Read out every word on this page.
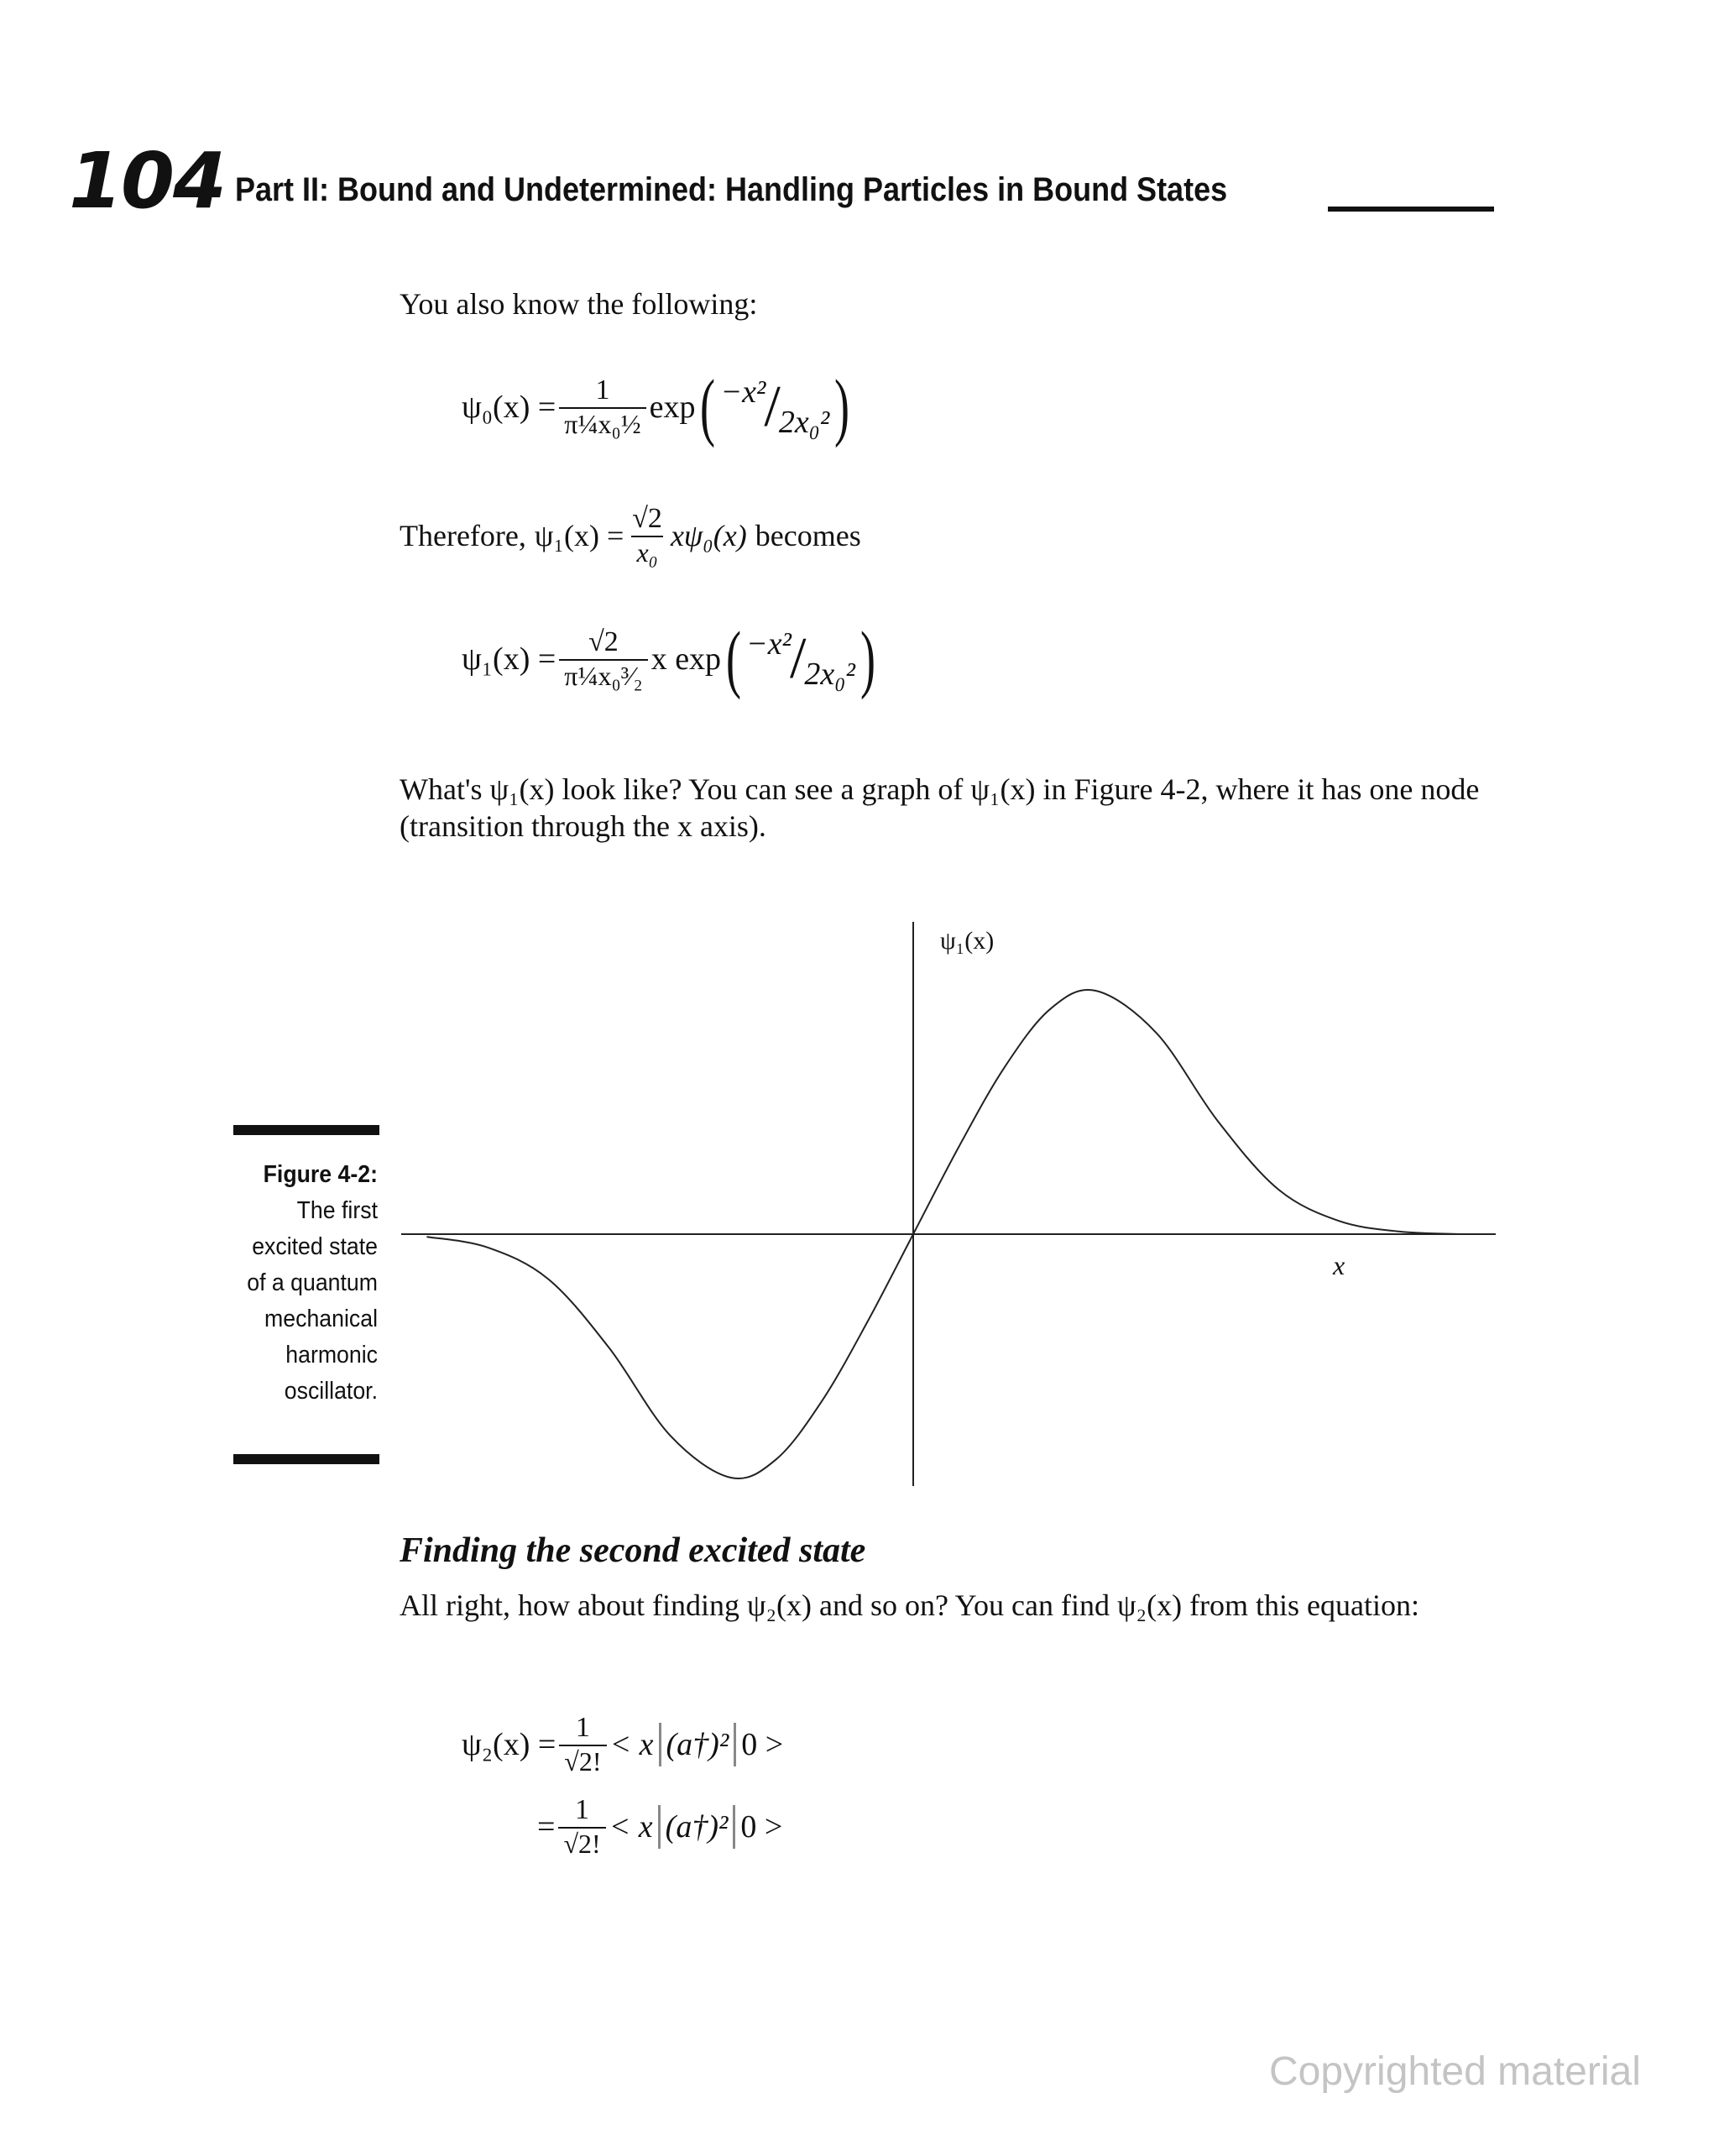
104 Part II: Bound and Undetermined: Handling Particles in Bound States
You also know the following:
$\psi_0(x) = \frac{1}{\text{π¼x₀½}}$ exp ( −x²
/
2x₀² )
Therefore, $\psi_1(x) = \frac{√2}{\text{x₀}} x\psi_0(x)$ becomes
$\psi_1(x) = \frac{√2}{\text{π¼x₀³⁄₂}}$ x exp ( −x²
/
2x₀² )
What's ψ₁(x) look like? You can see a graph of ψ₁(x) in Figure 4-2, where it has one node (transition through the x axis).
Figure 4-2:
The first excited state of a quantum mechanical harmonic oscillator.
ψ₁(x)
x
Finding the second excited state
All right, how about finding ψ₂(x) and so on? You can find ψ₂(x) from this equation:
$\psi_2(x) = \frac{1}{√2!} < x$ (a†)² 0 >
= $\frac{1}{√2!} < x$ (a†)² 0 >
Copyrighted material
